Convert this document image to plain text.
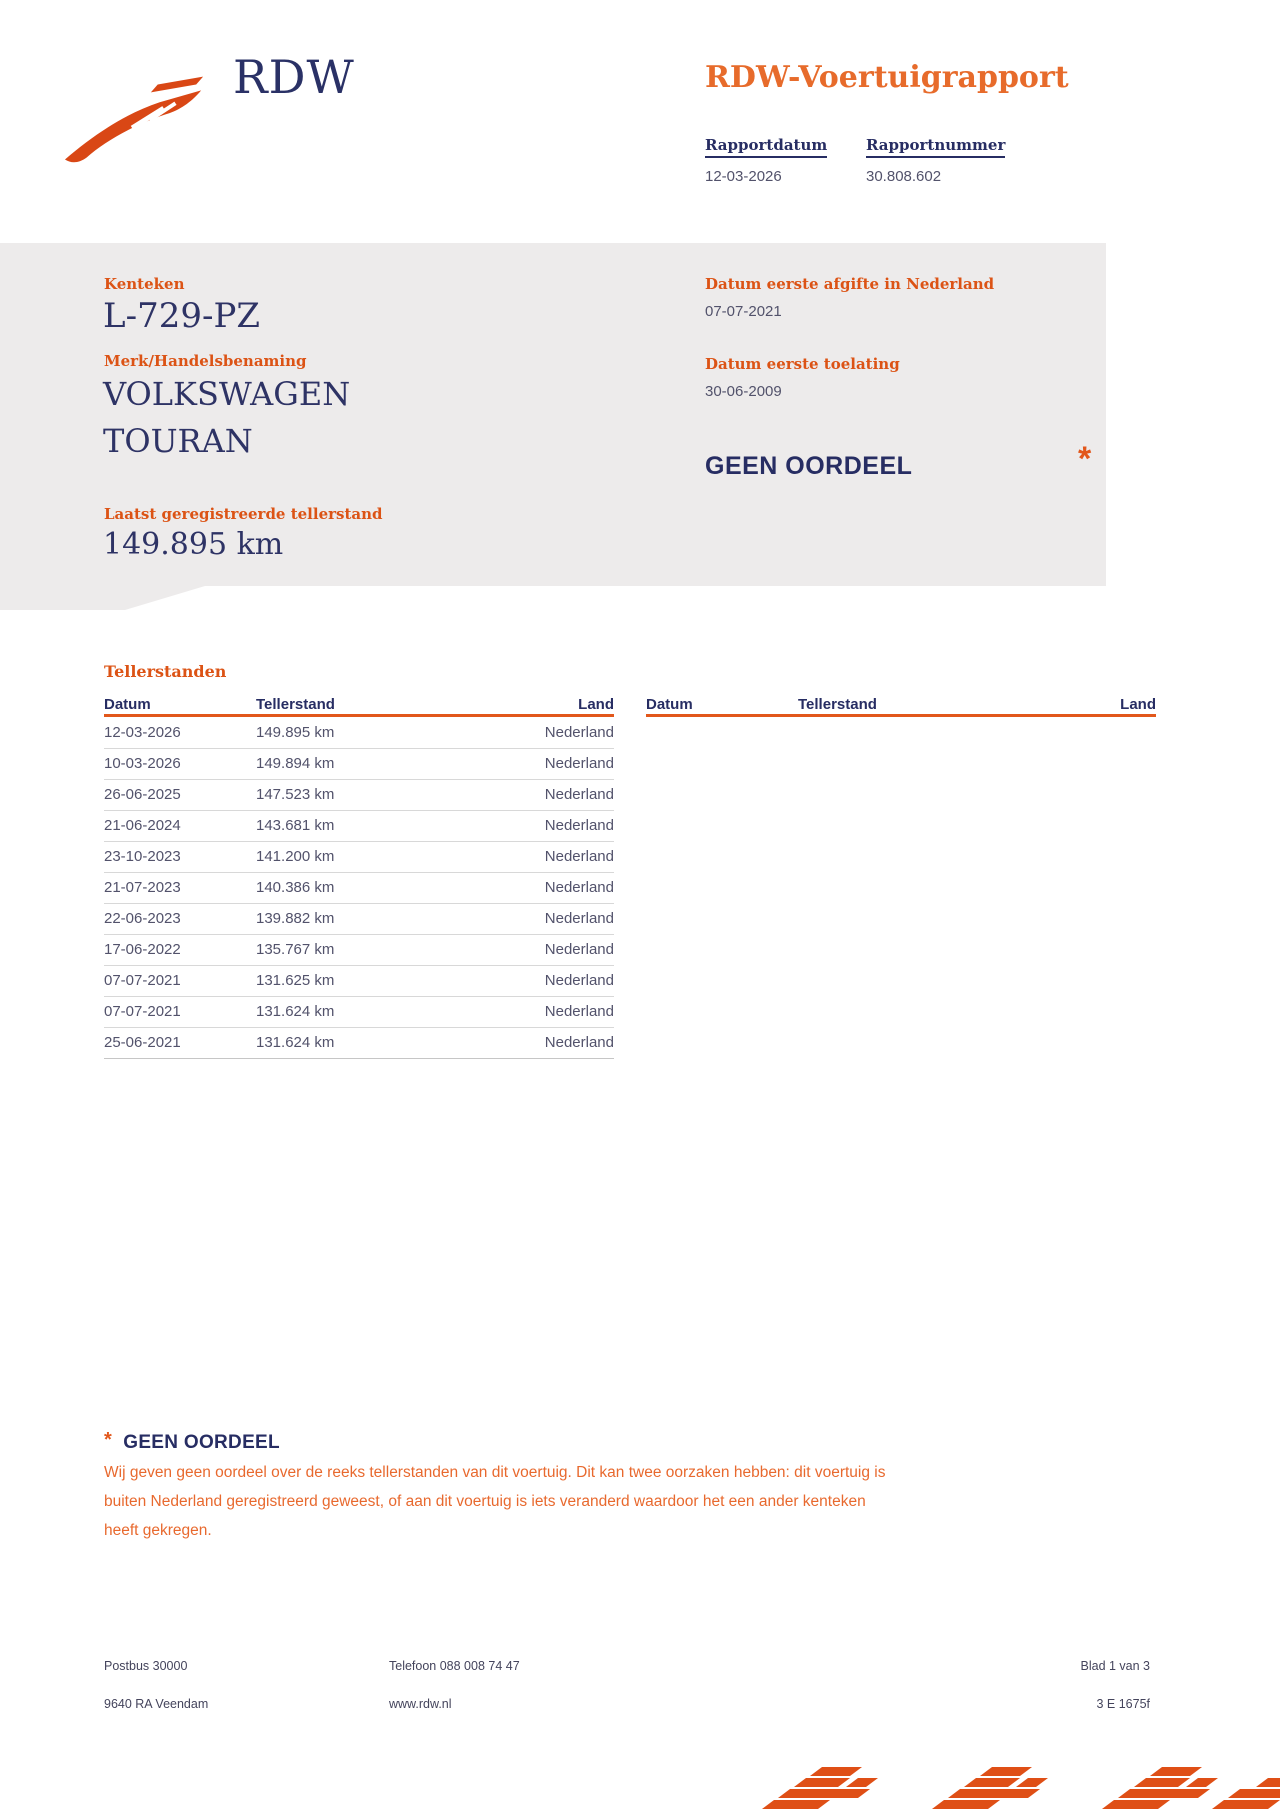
RDW	RDW-Voertuigrapport
Rapportdatum	Rapportnummer
12-03-2026	30.808.602
Kenteken
L-729-PZ
Merk/Handelsbenaming
VOLKSWAGEN
TOURAN
Laatst geregistreerde tellerstand
149.895 km
Datum eerste afgifte in Nederland
07-07-2021
Datum eerste toelating
30-06-2009
GEEN OORDEEL	*
Tellerstanden
Datum	Tellerstand	Land Datum	Tellerstand	Land
12-03-2026	149.895 km	Nederland
10-03-2026	149.894 km	Nederland
26-06-2025	147.523 km	Nederland
21-06-2024	143.681 km	Nederland
23-10-2023	141.200 km	Nederland
21-07-2023	140.386 km	Nederland
22-06-2023	139.882 km	Nederland
17-06-2022	135.767 km	Nederland
07-07-2021	131.625 km	Nederland
07-07-2021	131.624 km	Nederland
25-06-2021	131.624 km	Nederland
* GEEN OORDEEL
Wij geven geen oordeel over de reeks tellerstanden van dit voertuig. Dit kan twee oorzaken hebben: dit voertuig is
buiten Nederland geregistreerd geweest, of aan dit voertuig is iets veranderd waardoor het een ander kenteken
heeft gekregen.
Postbus 30000
9640 RA Veendam
Telefoon 088 008 74 47
www.rdw.nl
Blad 1 van 3
3 E 1675f
